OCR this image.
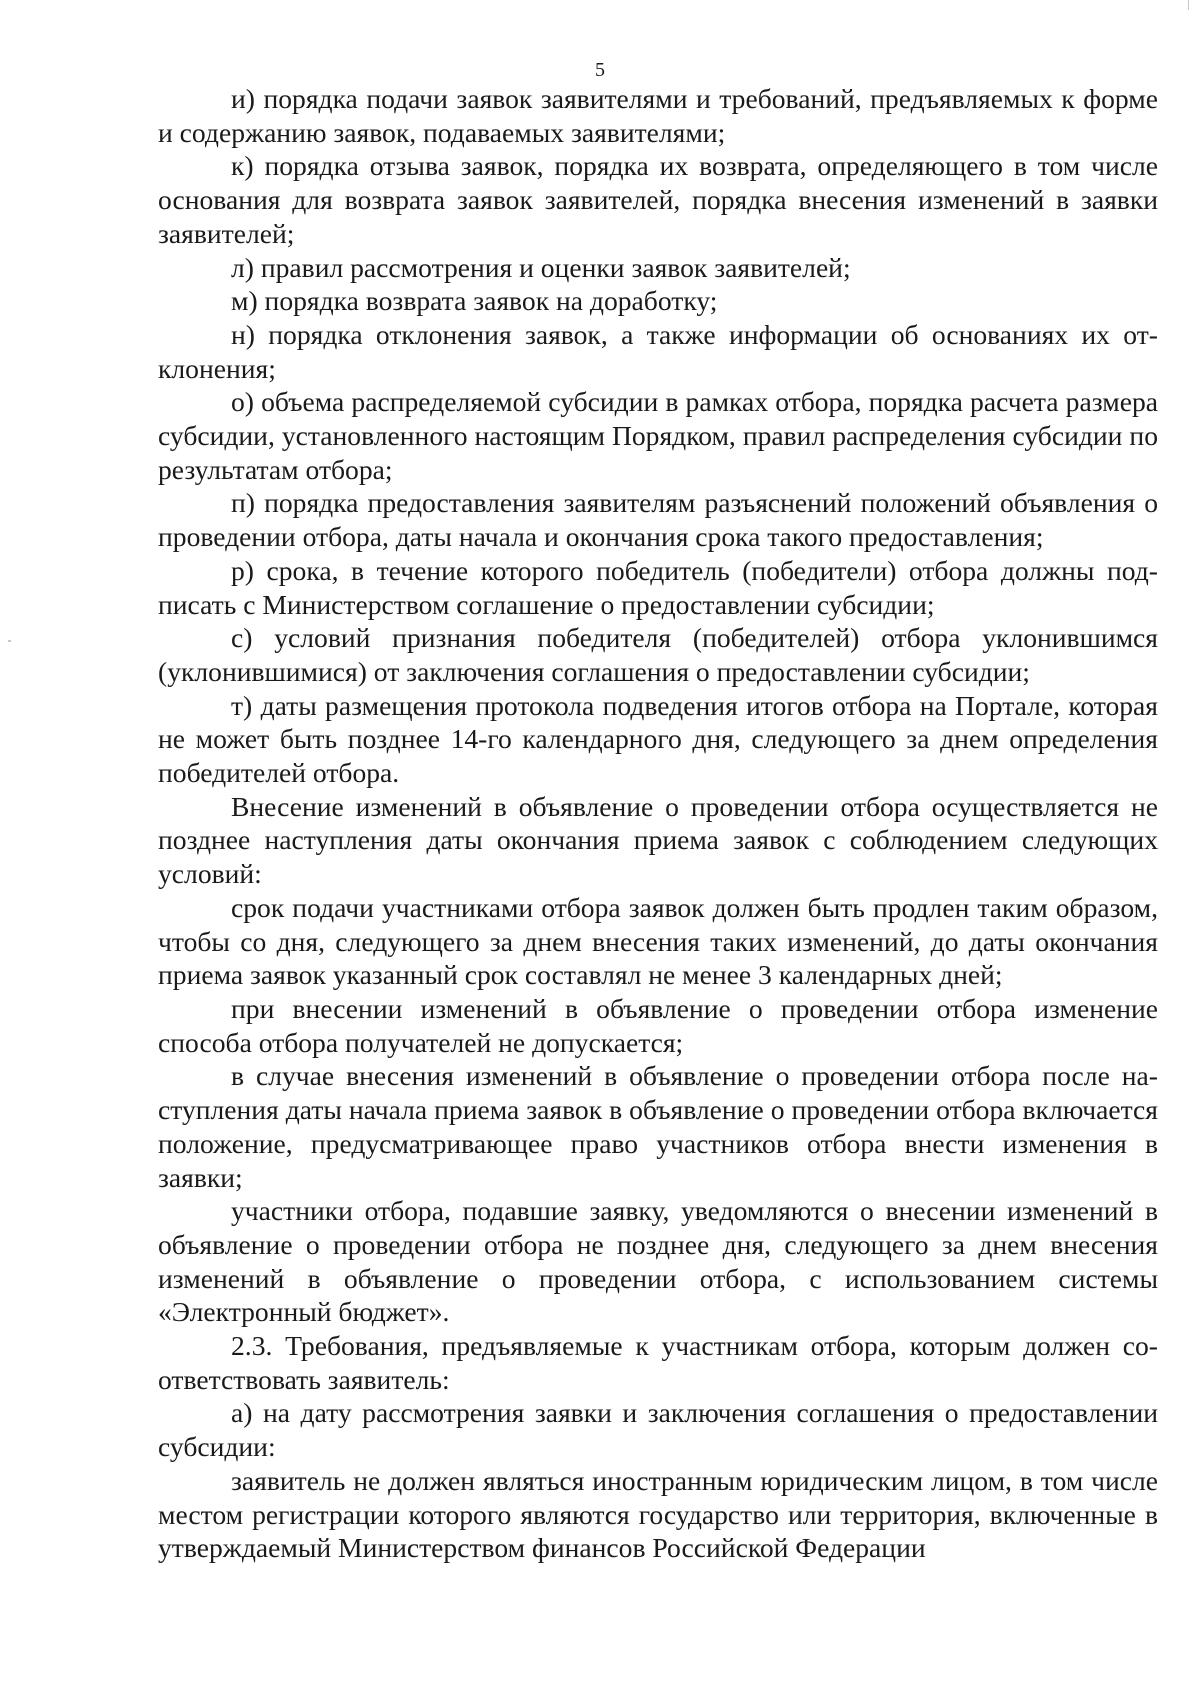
5

и) порядка подачи заявок заявителями и требований, предъявляемых к форме и содержанию заявок, подаваемых заявителями;

к) порядка отзыва заявок, порядка их возврата, определяющего в том числе основания для возврата заявок заявителей, порядка внесения изменений в заявки заявителей;

л) правил рассмотрения и оценки заявок заявителей;

м) порядка возврата заявок на доработку;

н) порядка отклонения заявок, а также информации об основаниях их отклонения;

о) объема распределяемой субсидии в рамках отбора, порядка расчета размера субсидии, установленного настоящим Порядком, правил распределения субсидии по результатам отбора;

п) порядка предоставления заявителям разъяснений положений объявления о проведении отбора, даты начала и окончания срока такого предоставления;

р) срока, в течение которого победитель (победители) отбора должны подписать с Министерством соглашение о предоставлении субсидии;

с) условий признания победителя (победителей) отбора уклонившимся (уклонившимися) от заключения соглашения о предоставлении субсидии;

т) даты размещения протокола подведения итогов отбора на Портале, которая не может быть позднее 14-го календарного дня, следующего за днем определения победителей отбора.

Внесение изменений в объявление о проведении отбора осуществляется не позднее наступления даты окончания приема заявок с соблюдением следующих условий:

срок подачи участниками отбора заявок должен быть продлен таким образом, чтобы со дня, следующего за днем внесения таких изменений, до даты окончания приема заявок указанный срок составлял не менее 3 календарных дней;

при внесении изменений в объявление о проведении отбора изменение способа отбора получателей не допускается;

в случае внесения изменений в объявление о проведении отбора после наступления даты начала приема заявок в объявление о проведении отбора включается положение, предусматривающее право участников отбора внести изменения в заявки;

участники отбора, подавшие заявку, уведомляются о внесении изменений в объявление о проведении отбора не позднее дня, следующего за днем внесения изменений в объявление о проведении отбора, с использованием системы «Электронный бюджет».

2.3. Требования, предъявляемые к участникам отбора, которым должен соответствовать заявитель:

а) на дату рассмотрения заявки и заключения соглашения о предоставлении субсидии:

заявитель не должен являться иностранным юридическим лицом, в том числе местом регистрации которого являются государство или территория, включенные в утверждаемый Министерством финансов Российской Федерации
